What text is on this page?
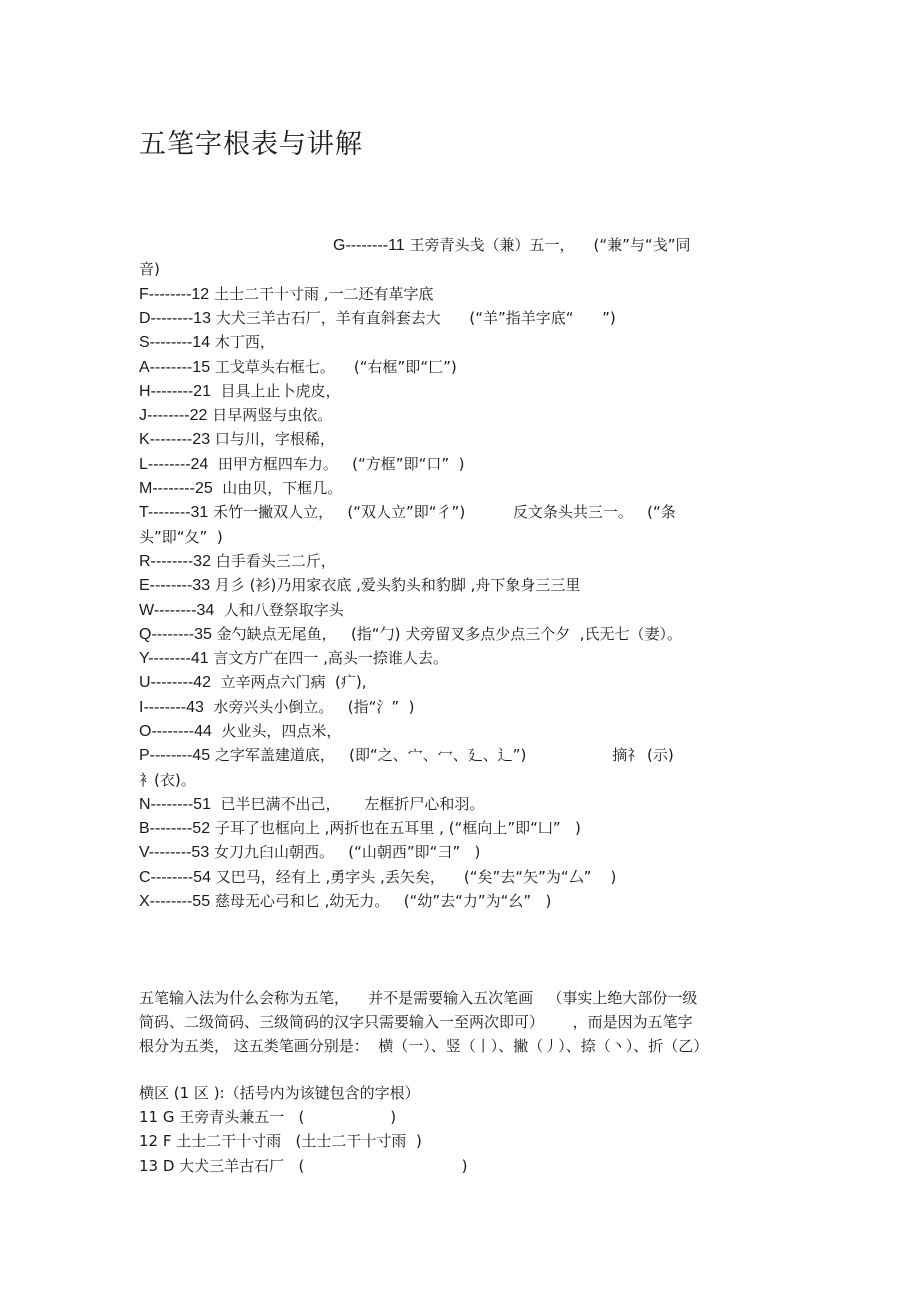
五笔字根表与讲解
G--------11 王旁青头戋（兼）五一，    (“兼”与“戋”同
音)
F--------12 土士二干十寸雨 ,一二还有革字底
D--------13 大犬三羊古石厂，羊有直斜套去大      (“羊”指羊字底“      ”)
S--------14 木丁西，
A--------15 工戈草头右框七。    (“右框”即“匚”)
H--------21  目具上止卜虎皮，
J--------22 日早两竖与虫依。
K--------23 口与川，字根稀，
L--------24  田甲方框四车力。   (“方框”即“口”  )
M--------25  山由贝，下框几。
T--------31 禾竹一撇双人立，   (“双人立”即“彳”)          反文条头共三一。   (“条
头”即“夂”  )
R--------32 白手看头三二斤，
E--------33 月彡 (衫)乃用家衣底 ,爱头豹头和豹脚 ,舟下象身三三里
W--------34  人和八登祭取字头
Q--------35 金勺缺点无尾鱼，   (指“勹) 犬旁留叉多点少点三个夕  ,氏无七（妻）。
Y--------41 言文方广在四一 ,高头一捺谁人去。
U--------42  立辛两点六门病  (疒),
I--------43  水旁兴头小倒立。   (指“氵”  )
O--------44  火业头，四点米，
P--------45 之字军盖建道底，   (即“之、宀、冖、廴、辶”)                  摘礻 (示)
衤(衣)。
N--------51  已半巳满不出己，     左框折尸心和羽。
B--------52 子耳了也框向上 ,两折也在五耳里 , (“框向上”即“凵”   )
V--------53 女刀九臼山朝西。   (“山朝西”即“彐”   )
C--------54 又巴马，经有上 ,勇字头 ,丢矢矣，    (“矣”去“矢”为“厶”    )
X--------55 慈母无心弓和匕 ,幼无力。   (“幼”去“力”为“幺”   )
五笔输入法为什么会称为五笔，    并不是需要输入五次笔画   （事实上绝大部份一级
简码、二级简码、三级简码的汉字只需要输入一至两次即可）      ，而是因为五笔字
根分为五类， 这五类笔画分别是：  横（一）、竖（丨）、撇（丿）、捺（丶）、折（乙）
横区 (1 区 ):（括号内为该键包含的字根）
11 G 王旁青头兼五一   (                  )
12 F 土士二干十寸雨   (土士二干十寸雨  )
13 D 大犬三羊古石厂   (                                 )
